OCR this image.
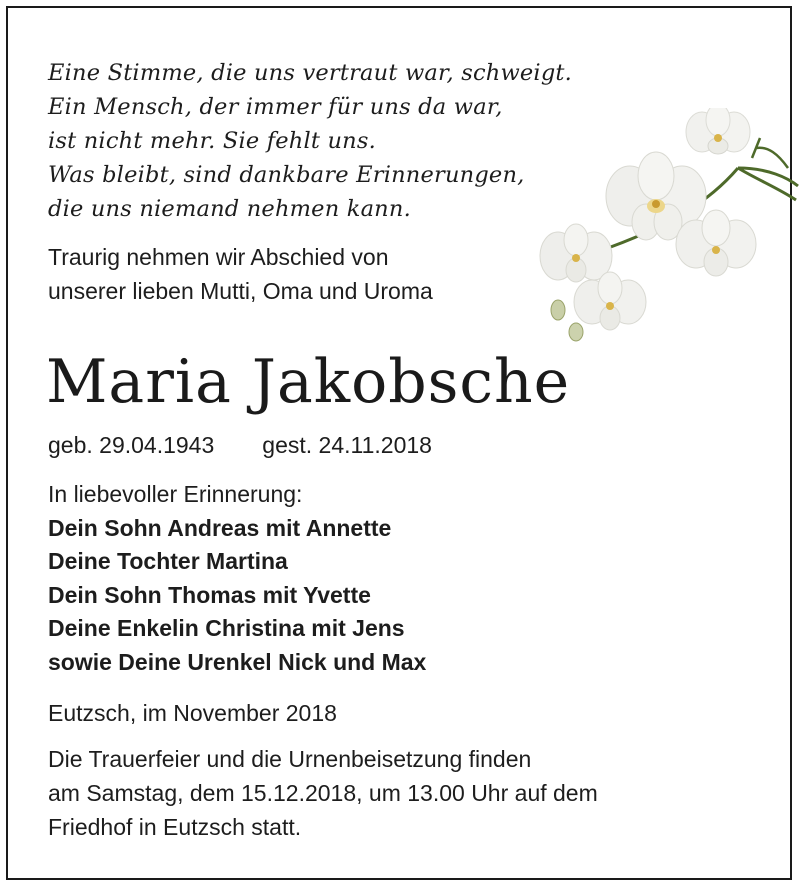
Eine Stimme, die uns vertraut war, schweigt.
Ein Mensch, der immer für uns da war,
ist nicht mehr. Sie fehlt uns.
Was bleibt, sind dankbare Erinnerungen,
die uns niemand nehmen kann.
Traurig nehmen wir Abschied von
unserer lieben Mutti, Oma und Uroma
Maria Jakobsche
geb. 29.04.1943 gest. 24.11.2018
In liebevoller Erinnerung:
Dein Sohn Andreas mit Annette
Deine Tochter Martina
Dein Sohn Thomas mit Yvette
Deine Enkelin Christina mit Jens
sowie Deine Urenkel Nick und Max
Eutzsch, im November 2018
Die Trauerfeier und die Urnenbeisetzung finden
am Samstag, dem 15.12.2018, um 13.00 Uhr auf dem
Friedhof in Eutzsch statt.
